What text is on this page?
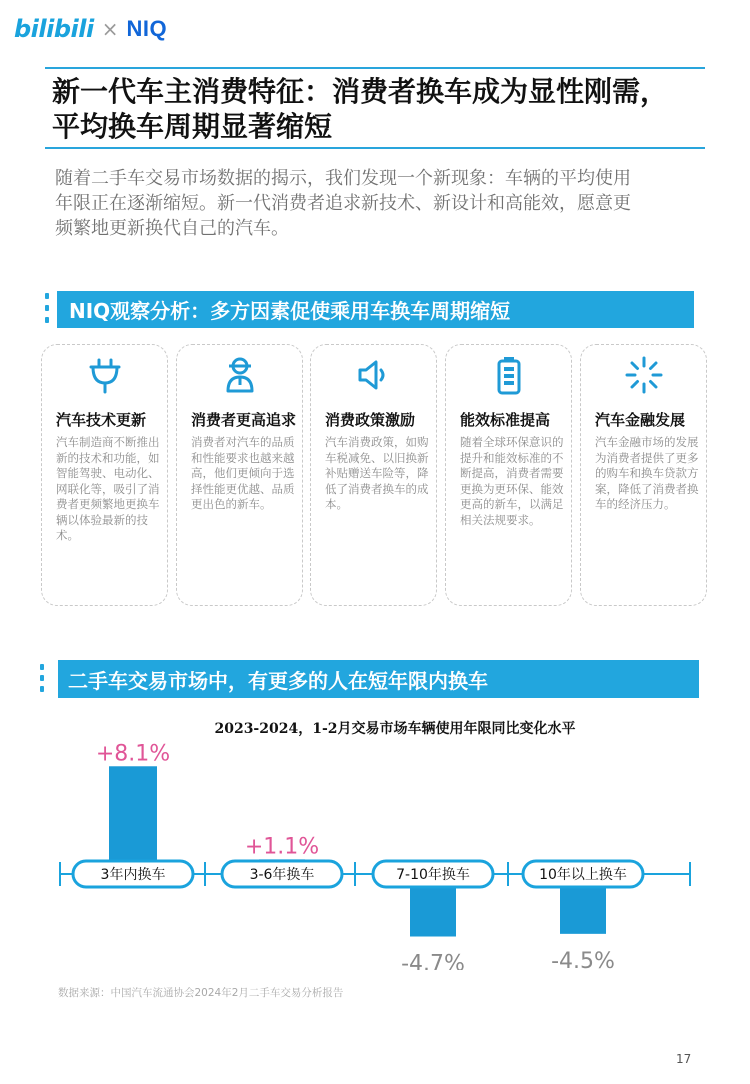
bilibili × NIQ
新一代车主消费特征：消费者换车成为显性刚需，
平均换车周期显著缩短
随着二手车交易市场数据的揭示，我们发现一个新现象：车辆的平均使用
年限正在逐渐缩短。新一代消费者追求新技术、新设计和高能效，愿意更
频繁地更新换代自己的汽车。
NIQ观察分析：多方因素促使乘用车换车周期缩短
汽车技术更新
汽车制造商不断推出新的技术和功能，如智能驾驶、电动化、网联化等，吸引了消费者更频繁地更换车辆以体验最新的技术。
消费者更高追求
消费者对汽车的品质和性能要求也越来越高，他们更倾向于选择性能更优越、品质更出色的新车。
消费政策激励
汽车消费政策，如购车税减免、以旧换新补贴赠送车险等，降低了消费者换车的成本。
能效标准提高
随着全球环保意识的提升和能效标准的不断提高，消费者需要更换为更环保、能效更高的新车，以满足相关法规要求。
汽车金融发展
汽车金融市场的发展为消费者提供了更多的购车和换车贷款方案，降低了消费者换车的经济压力。
二手车交易市场中，有更多的人在短年限内换车
2023-2024，1-2月交易市场车辆使用年限同比变化水平
3年内换车
+8.1%
3-6年换车
+1.1%
7-10年换车
-4.7%
10年以上换车
-4.5%
数据来源：中国汽车流通协会2024年2月二手车交易分析报告
17
